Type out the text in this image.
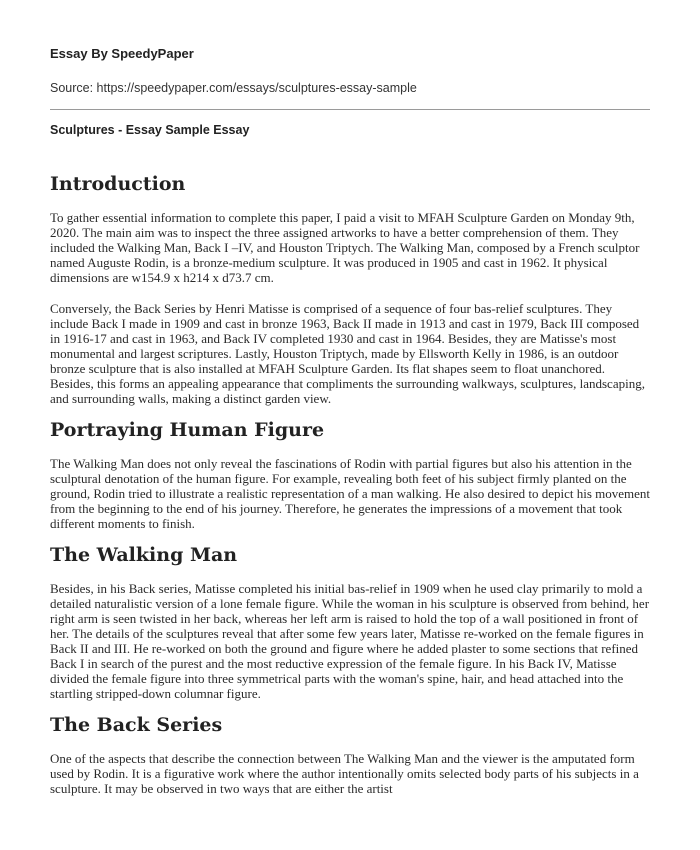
Essay By SpeedyPaper
Source: https://speedypaper.com/essays/sculptures-essay-sample
Sculptures - Essay Sample Essay
Introduction

To gather essential information to complete this paper, I paid a visit to MFAH Sculpture Garden on Monday 9th, 2020. The main aim was to inspect the three assigned artworks to have a better comprehension of them. They included the Walking Man, Back I –IV, and Houston Triptych. The Walking Man, composed by a French sculptor named Auguste Rodin, is a bronze-medium sculpture. It was produced in 1905 and cast in 1962. It physical dimensions are w154.9 x h214 x d73.7 cm.

Conversely, the Back Series by Henri Matisse is comprised of a sequence of four bas-relief sculptures. They include Back I made in 1909 and cast in bronze 1963, Back II made in 1913 and cast in 1979, Back III composed in 1916-17 and cast in 1963, and Back IV completed 1930 and cast in 1964. Besides, they are Matisse's most monumental and largest scriptures. Lastly, Houston Triptych, made by Ellsworth Kelly in 1986, is an outdoor bronze sculpture that is also installed at MFAH Sculpture Garden. Its flat shapes seem to float unanchored. Besides, this forms an appealing appearance that compliments the surrounding walkways, sculptures, landscaping, and surrounding walls, making a distinct garden view.

Portraying Human Figure

The Walking Man does not only reveal the fascinations of Rodin with partial figures but also his attention in the sculptural denotation of the human figure. For example, revealing both feet of his subject firmly planted on the ground, Rodin tried to illustrate a realistic representation of a man walking. He also desired to depict his movement from the beginning to the end of his journey. Therefore, he generates the impressions of a movement that took different moments to finish.

The Walking Man

Besides, in his Back series, Matisse completed his initial bas-relief in 1909 when he used clay primarily to mold a detailed naturalistic version of a lone female figure. While the woman in his sculpture is observed from behind, her right arm is seen twisted in her back, whereas her left arm is raised to hold the top of a wall positioned in front of her. The details of the sculptures reveal that after some few years later, Matisse re-worked on the female figures in Back II and III. He re-worked on both the ground and figure where he added plaster to some sections that refined Back I in search of the purest and the most reductive expression of the female figure. In his Back IV, Matisse divided the female figure into three symmetrical parts with the woman's spine, hair, and head attached into the startling stripped-down columnar figure.

The Back Series

One of the aspects that describe the connection between The Walking Man and the viewer is the amputated form used by Rodin. It is a figurative work where the author intentionally omits selected body parts of his subjects in a sculpture. It may be observed in two ways that are either the artist
